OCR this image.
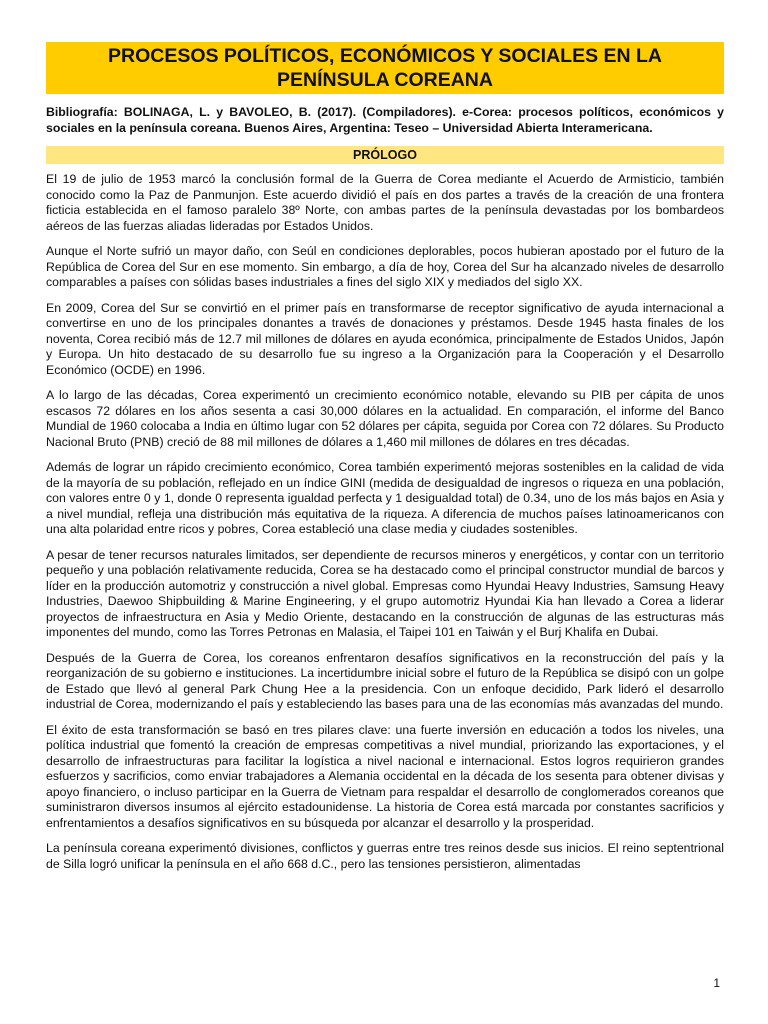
PROCESOS POLÍTICOS, ECONÓMICOS Y SOCIALES EN LA
PENÍNSULA COREANA

Bibliografía: BOLINAGA, L. y BAVOLEO, B. (2017). (Compiladores). e-Corea: procesos políticos, económicos y sociales en la península coreana. Buenos Aires, Argentina: Teseo – Universidad Abierta Interamericana.

PRÓLOGO

El 19 de julio de 1953 marcó la conclusión formal de la Guerra de Corea mediante el Acuerdo de Armisticio, también conocido como la Paz de Panmunjon. Este acuerdo dividió el país en dos partes a través de la creación de una frontera ficticia establecida en el famoso paralelo 38º Norte, con ambas partes de la península devastadas por los bombardeos aéreos de las fuerzas aliadas lideradas por Estados Unidos.

Aunque el Norte sufrió un mayor daño, con Seúl en condiciones deplorables, pocos hubieran apostado por el futuro de la República de Corea del Sur en ese momento. Sin embargo, a día de hoy, Corea del Sur ha alcanzado niveles de desarrollo comparables a países con sólidas bases industriales a fines del siglo XIX y mediados del siglo XX.

En 2009, Corea del Sur se convirtió en el primer país en transformarse de receptor significativo de ayuda internacional a convertirse en uno de los principales donantes a través de donaciones y préstamos. Desde 1945 hasta finales de los noventa, Corea recibió más de 12.7 mil millones de dólares en ayuda económica, principalmente de Estados Unidos, Japón y Europa. Un hito destacado de su desarrollo fue su ingreso a la Organización para la Cooperación y el Desarrollo Económico (OCDE) en 1996.

A lo largo de las décadas, Corea experimentó un crecimiento económico notable, elevando su PIB per cápita de unos escasos 72 dólares en los años sesenta a casi 30,000 dólares en la actualidad. En comparación, el informe del Banco Mundial de 1960 colocaba a India en último lugar con 52 dólares per cápita, seguida por Corea con 72 dólares. Su Producto Nacional Bruto (PNB) creció de 88 mil millones de dólares a 1,460 mil millones de dólares en tres décadas.

Además de lograr un rápido crecimiento económico, Corea también experimentó mejoras sostenibles en la calidad de vida de la mayoría de su población, reflejado en un índice GINI (medida de desigualdad de ingresos o riqueza en una población, con valores entre 0 y 1, donde 0 representa igualdad perfecta y 1 desigualdad total) de 0.34, uno de los más bajos en Asia y a nivel mundial, refleja una distribución más equitativa de la riqueza. A diferencia de muchos países latinoamericanos con una alta polaridad entre ricos y pobres, Corea estableció una clase media y ciudades sostenibles.

A pesar de tener recursos naturales limitados, ser dependiente de recursos mineros y energéticos, y contar con un territorio pequeño y una población relativamente reducida, Corea se ha destacado como el principal constructor mundial de barcos y líder en la producción automotriz y construcción a nivel global. Empresas como Hyundai Heavy Industries, Samsung Heavy Industries, Daewoo Shipbuilding & Marine Engineering, y el grupo automotriz Hyundai Kia han llevado a Corea a liderar proyectos de infraestructura en Asia y Medio Oriente, destacando en la construcción de algunas de las estructuras más imponentes del mundo, como las Torres Petronas en Malasia, el Taipei 101 en Taiwán y el Burj Khalifa en Dubai.

Después de la Guerra de Corea, los coreanos enfrentaron desafíos significativos en la reconstrucción del país y la reorganización de su gobierno e instituciones. La incertidumbre inicial sobre el futuro de la República se disipó con un golpe de Estado que llevó al general Park Chung Hee a la presidencia. Con un enfoque decidido, Park lideró el desarrollo industrial de Corea, modernizando el país y estableciendo las bases para una de las economías más avanzadas del mundo.

El éxito de esta transformación se basó en tres pilares clave: una fuerte inversión en educación a todos los niveles, una política industrial que fomentó la creación de empresas competitivas a nivel mundial, priorizando las exportaciones, y el desarrollo de infraestructuras para facilitar la logística a nivel nacional e internacional. Estos logros requirieron grandes esfuerzos y sacrificios, como enviar trabajadores a Alemania occidental en la década de los sesenta para obtener divisas y apoyo financiero, o incluso participar en la Guerra de Vietnam para respaldar el desarrollo de conglomerados coreanos que suministraron diversos insumos al ejército estadounidense. La historia de Corea está marcada por constantes sacrificios y enfrentamientos a desafíos significativos en su búsqueda por alcanzar el desarrollo y la prosperidad.

La península coreana experimentó divisiones, conflictos y guerras entre tres reinos desde sus inicios. El reino septentrional de Silla logró unificar la península en el año 668 d.C., pero las tensiones persistieron, alimentadas

1
